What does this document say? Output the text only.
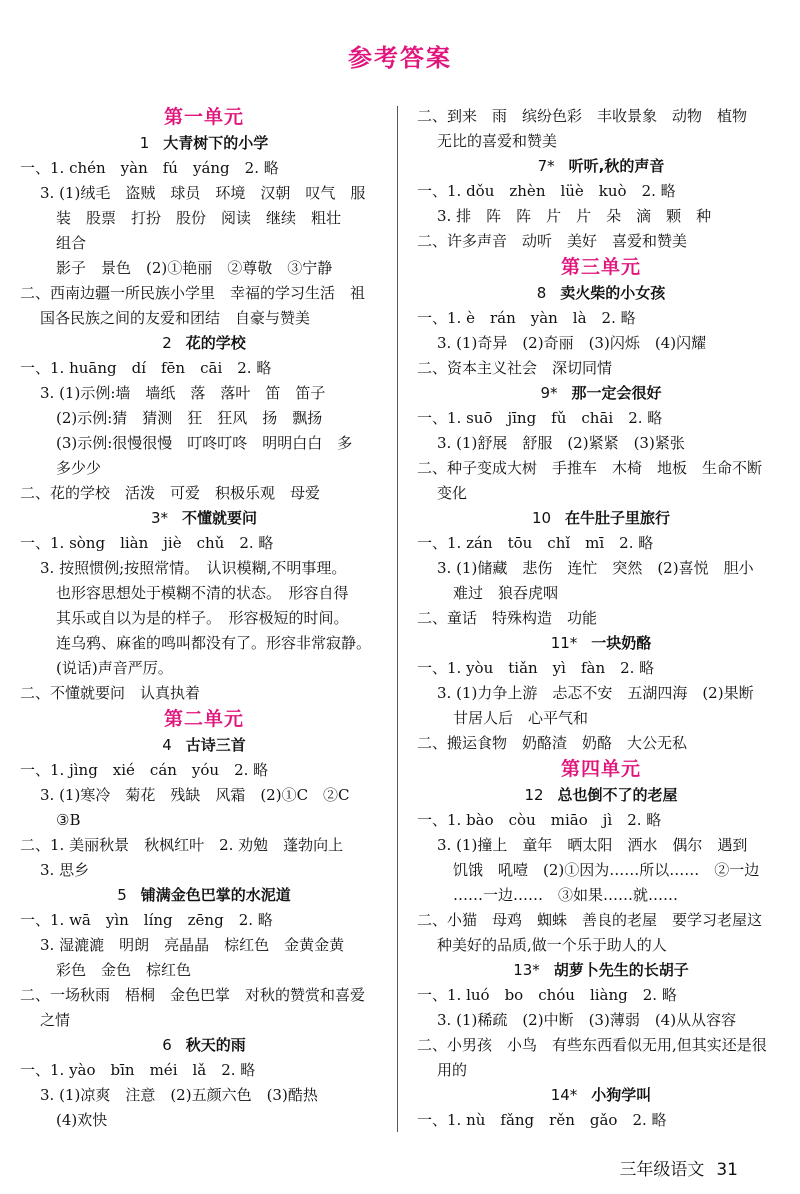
参考答案
第一单元
1 大青树下的小学
一、1. chén　yàn　fú　yáng　2. 略
3. (1)绒毛　盗贼　球员　环境　汉朝　叹气　服
装　股票　打扮　股份　阅读　继续　粗壮
组合
影子　景色　(2)①艳丽　②尊敬　③宁静
二、西南边疆一所民族小学里　幸福的学习生活　祖
国各民族之间的友爱和团结　自豪与赞美
2 花的学校
一、1. huāng　dí　fēn　cāi　2. 略
3. (1)示例:墙　墙纸　落　落叶　笛　笛子
(2)示例:猜　猜测　狂　狂风　扬　飘扬
(3)示例:很慢很慢　叮咚叮咚　明明白白　多
多少少
二、花的学校　活泼　可爱　积极乐观　母爱
3* 不懂就要问
一、1. sòng　liàn　jiè　chǔ　2. 略
3. 按照惯例;按照常情。　认识模糊,不明事理。
也形容思想处于模糊不清的状态。　形容自得
其乐或自以为是的样子。　形容极短的时间。
连乌鸦、麻雀的鸣叫都没有了。形容非常寂静。
(说话)声音严厉。
二、不懂就要问　认真执着
第二单元
4 古诗三首
一、1. jìng　xié　cán　yóu　2. 略
3. (1)寒冷　菊花　残缺　风霜　(2)①C　②C
③B
二、1. 美丽秋景　秋枫红叶　2. 劝勉　蓬勃向上
3. 思乡
5 铺满金色巴掌的水泥道
一、1. wā　yìn　líng　zēng　2. 略
3. 湿漉漉　明朗　亮晶晶　棕红色　金黄金黄
彩色　金色　棕红色
二、一场秋雨　梧桐　金色巴掌　对秋的赞赏和喜爱
之情
6 秋天的雨
一、1. yào　bīn　méi　lǎ　2. 略
3. (1)凉爽　注意　(2)五颜六色　(3)酷热
(4)欢快
二、到来　雨　缤纷色彩　丰收景象　动物　植物
无比的喜爱和赞美
7* 听听,秋的声音
一、1. dǒu　zhèn　lüè　kuò　2. 略
3. 排　阵　阵　片　片　朵　滴　颗　种
二、许多声音　动听　美好　喜爱和赞美
第三单元
8 卖火柴的小女孩
一、1. è　rán　yàn　là　2. 略
3. (1)奇异　(2)奇丽　(3)闪烁　(4)闪耀
二、资本主义社会　深切同情
9* 那一定会很好
一、1. suō　jīng　fǔ　chāi　2. 略
3. (1)舒展　舒服　(2)紧紧　(3)紧张
二、种子变成大树　手推车　木椅　地板　生命不断
变化
10 在牛肚子里旅行
一、1. zán　tōu　chǐ　mī　2. 略
3. (1)储藏　悲伤　连忙　突然　(2)喜悦　胆小
难过　狼吞虎咽
二、童话　特殊构造　功能
11* 一块奶酪
一、1. yòu　tiǎn　yì　fàn　2. 略
3. (1)力争上游　忐忑不安　五湖四海　(2)果断
甘居人后　心平气和
二、搬运食物　奶酪渣　奶酪　大公无私
第四单元
12 总也倒不了的老屋
一、1. bào　còu　miāo　jì　2. 略
3. (1)撞上　童年　晒太阳　洒水　偶尔　遇到
饥饿　吼噎　(2)①因为……所以……　②一边
……一边……　③如果……就……
二、小猫　母鸡　蜘蛛　善良的老屋　要学习老屋这
种美好的品质,做一个乐于助人的人
13* 胡萝卜先生的长胡子
一、1. luó　bo　chóu　liàng　2. 略
3. (1)稀疏　(2)中断　(3)薄弱　(4)从从容容
二、小男孩　小鸟　有些东西看似无用,但其实还是很
用的
14* 小狗学叫
一、1. nù　fǎng　rěn　gǎo　2. 略
三年级语文 31
